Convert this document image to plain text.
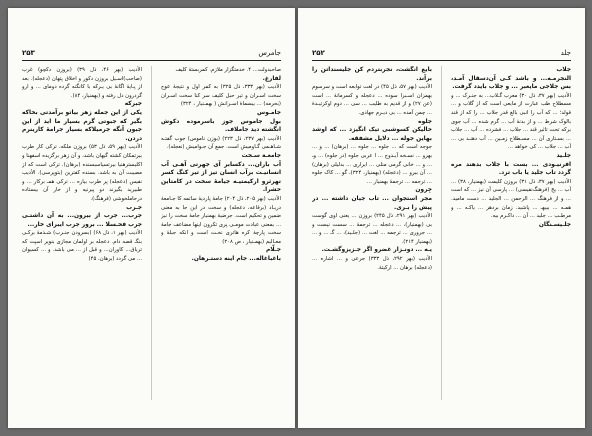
جامرس
۲۵۳

صاحبدولت... ۴. خدمتگزار ملازم. کمربستهٔ کلیف

لفارغ.

الأدیب (بهر ۳۳۳، ذل ۳۲۵) به کمر اول و نتیجهٔ عوج سخت اسـران و تیر حبل کلیف سر کنا سخت اسـران (بحرمه) ... بیسماهٔ اسـرانش ( بهمـنیار ، ۳۲۴)

جامـوس

بول جاموس جوز باسرموده دکوش انگشته دید جاملاف.

الأدیب (بهر ۲۳۷، ذل ۲۲۳) (بوزن ناموس) جوب گفتـه شـاهـمی گـاومیش است. جمع آن جـوامیش (نعجله).

جامعـة سـخت

آب باران... دکسابر آی جهرتی آهـی آب انسانیـت برآب انسان تیز از تیر کنگ کسر تهرثرو ارکیمتیـه جیامهٔ سخت در کامتاین حشرا.

الأدیب (بهر ۲۰۵، ذل ۲۰۴) جامهٔ پاردیهٔ ساتمه کا جـامعهٔ دریـاد (برقاعه، دعجله) و سخت در این جا به معنی ضمین و تحکیم است. جرضیهٔ بهمنیار جامهٔ سخت را نیز ... بمعنی عبادت مومـی پری تکرون اینها مضاعف جامهٔ سخت پارچهٔ کره هاتری نخـت است و انکه جبلهٔ و معـالیم (بهمـنیار ، ص ۲۰۸)

جـلّام

باغباغاله... جام اینه دستـرهان.

الأدیب (بهر ۴۶، ذل ۳۹) (بروزن دکچو) غرب (صاحب)اسـیل بروزن دکور و اخلاق پتهان (دعجله). بعد از پـایهٔ اگانهٔ بی یـرکه با کانگنه گرده دومای ... و ارو گردرون دل رفته و (بهمنیار، ۸۴).

جبرکه

یکی از این جمله زهر بیاتو برآمدتی بخاکه بگیر که جبوتی گرم بسیار ما اید از این جبون آنگه جرمیلاکه بسیار جرامهٔ کارینرم دردن.

الأدیب (بهر ۵۹، ذل ۵۳) بروزن ملکه، ترکی کار طرب بیرتمکان کشته گیهان باشد، و آن زهر برگزیده اسفهنا و اکلیسترهنیا بیرتسیاسبسنده (برهان). ترکی است که از مصیبت آن به باشد. بسنده کفترین (بتوپرسی). الأدیب نفیس (دعجله) پر طرب بیاره ... ترکی همـ برکار ... و طبیرید بگیرند دو پیرنیه و از خار آن بیستاده درحاملخوشی (فرهنگ).

جـرب

جرب... جرب از بیرون... به آن داشتـی جرب فحـسلا ... برور جرب ایبرای خار...

الأدیب (بهر ۱، ذل ۶۸) (بسرودن جنـرب) شـذمهٔ برکـی بنگـ قصه دام. دعجله بر اولمان مجازی بنویر اسپت که تریاق... کاوران... و قبل از ... می باشد. و ... کسیوان ... می گردد (برهان، ۴۵)

جلد
۲۵۲

جلّاب

النجرمـه... و باشد کـی آن‌دسقال آمـد، بس جلاجی مایعبر ... و جلاب بایدد گرفت.

الأدیب (بهر ۳۷، ذل ۳۰) معرب گـلاب... به جنـرک ... و مسطلاح طب عبارت از مایعی است که از گلاب و ... قولد؛ ... که آب را انبی بالغ قدر جلاب ... را که از قند بالوک شرط ... و از بدنهٔ آب ... گرم شده ... آب جوی برکه تحت تاثیر قند ... جلاب ... فشرده ... آب ... جلاب ... بسـتاری آن ... مسـطلاح زمـین ... آب دهنـد بی ... آب ... جلاب ... کی خواهد ...

جلـید

افرنیـودی ... بست با جلاب بدهند مره گردد تاب جلید یا باب ترد.

الأدیب (بهر ۳۷، ذل ۳۱) بروزن کلیمت (بهمنیار، ۳۸) ... آب ... یخ (فرهنگ‌نفیسی) ... پارسی آن نیز ... که است ... و از فرهنگ ... الرحمن ... الجلید ... دست مامید. همـه ... بیبهـ ... پاشید. زمان بردهر ... یاکـه ... و مرطـب ... جلید ... آن ... داکـرم بیه.

جلـیسـنگان

بایع انگشت، نجربتردم کن جلیسنداتن را برآند.

الأدیب (بهر ۵۷، ذل ۴۵) در لغت توابعه است و سرسوم بهمزان اسـبرا سوده ... دعجله و کسرمانهٔ ... است (عن ۲۷) و از قدیم به طلیب ... سی ... دوم اوکرتیـدهٔ ... چمن آمده ... بی دیـرم جهادی.

جلوه

حالیکن کسوشبی تیک انگیزد ... که اوشد بهاین جوله ... دلایل مشفقه.

جوجه است که ... جلوه ... جلوه ... (برهان) ... و ... بهرو ... نسـخه آیـدوج ... ا عربی جلوه (در جلوه) ... وـ ... و ... خانی گرمی منلی ... ایراری ... بدلیلی (برهان) ... آن بیرو ... (دعجله) (بهمنیار، ۳۲۴)، گو ... کاک جلوه ... ترجمه ... ترجمهٔ بهمنیار ...

جِرون

مجر استجوان ... تاب جیان داشته ... در پیش را بـری.

الأدیب (بهر ۲۹۱، ذل ۲۴۵) بروزن ... یعنی اوی گوست بی (بهمنیار)، ... دعجله ... ترجمهٔ ... سست نیست و ... جروری ... ترجمه ... لغت ... (جلـید)، ... گـ ... و ... (بهمنیار ۲۱۴).

یـه ... دونـزار غضرو اگر جـزیزوگشـت.

الأدیب (بهر ۲۹۲، ذل ۳۳۳) جرعی و ... اشاره ... (دعجله) برهان ... ارکیتهٔ.
